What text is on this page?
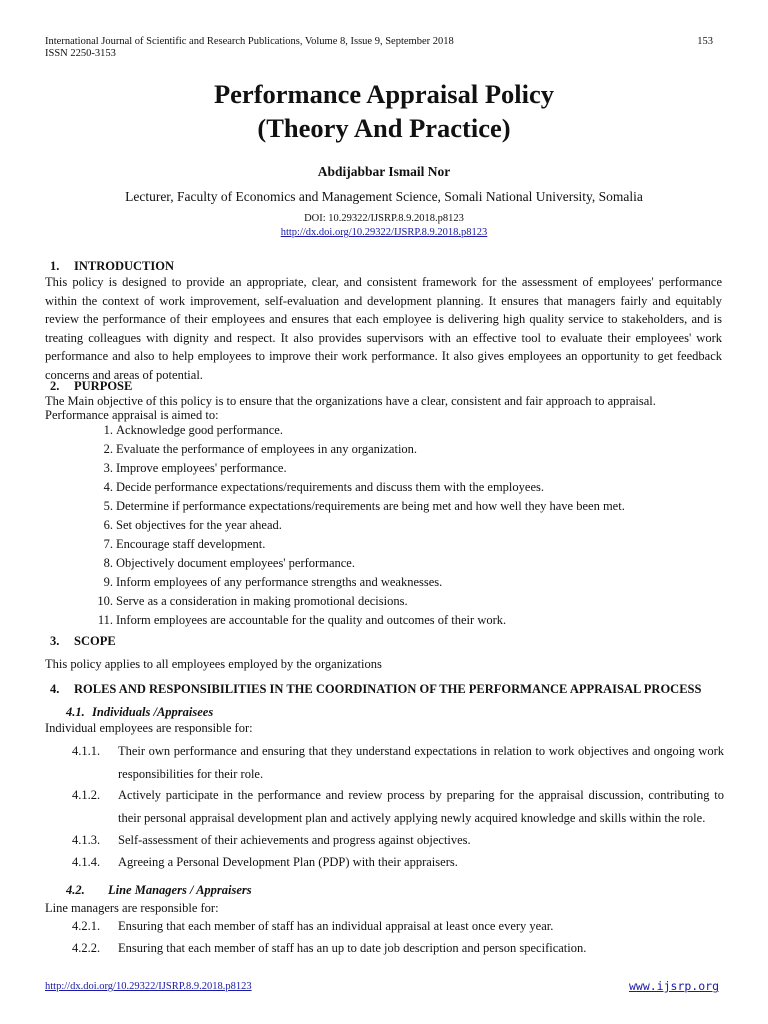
International Journal of Scientific and Research Publications, Volume 8, Issue 9, September 2018
ISSN 2250-3153
153
Performance Appraisal Policy
(Theory And Practice)
Abdijabbar Ismail Nor
Lecturer, Faculty of Economics and Management Science, Somali National University, Somalia
DOI: 10.29322/IJSRP.8.9.2018.p8123
http://dx.doi.org/10.29322/IJSRP.8.9.2018.p8123
1. INTRODUCTION
This policy is designed to provide an appropriate, clear, and consistent framework for the assessment of employees' performance within the context of work improvement, self-evaluation and development planning. It ensures that managers fairly and equitably review the performance of their employees and ensures that each employee is delivering high quality service to stakeholders, and is treating colleagues with dignity and respect. It also provides supervisors with an effective tool to evaluate their employees' work performance and also to help employees to improve their work performance. It also gives employees an opportunity to get feedback concerns and areas of potential.
2. PURPOSE
The Main objective of this policy is to ensure that the organizations have a clear, consistent and fair approach to appraisal.
Performance appraisal is aimed to:
1. Acknowledge good performance.
2. Evaluate the performance of employees in any organization.
3. Improve employees' performance.
4. Decide performance expectations/requirements and discuss them with the employees.
5. Determine if performance expectations/requirements are being met and how well they have been met.
6. Set objectives for the year ahead.
7. Encourage staff development.
8. Objectively document employees' performance.
9. Inform employees of any performance strengths and weaknesses.
10. Serve as a consideration in making promotional decisions.
11. Inform employees are accountable for the quality and outcomes of their work.
3. SCOPE
This policy applies to all employees employed by the organizations
4. ROLES AND RESPONSIBILITIES IN THE COORDINATION OF THE PERFORMANCE APPRAISAL PROCESS
4.1. Individuals /Appraisees
Individual employees are responsible for:
4.1.1. Their own performance and ensuring that they understand expectations in relation to work objectives and ongoing work responsibilities for their role.
4.1.2. Actively participate in the performance and review process by preparing for the appraisal discussion, contributing to their personal appraisal development plan and actively applying newly acquired knowledge and skills within the role.
4.1.3. Self-assessment of their achievements and progress against objectives.
4.1.4. Agreeing a Personal Development Plan (PDP) with their appraisers.
4.2. Line Managers / Appraisers
Line managers are responsible for:
4.2.1. Ensuring that each member of staff has an individual appraisal at least once every year.
4.2.2. Ensuring that each member of staff has an up to date job description and person specification.
http://dx.doi.org/10.29322/IJSRP.8.9.2018.p8123	www.ijsrp.org
